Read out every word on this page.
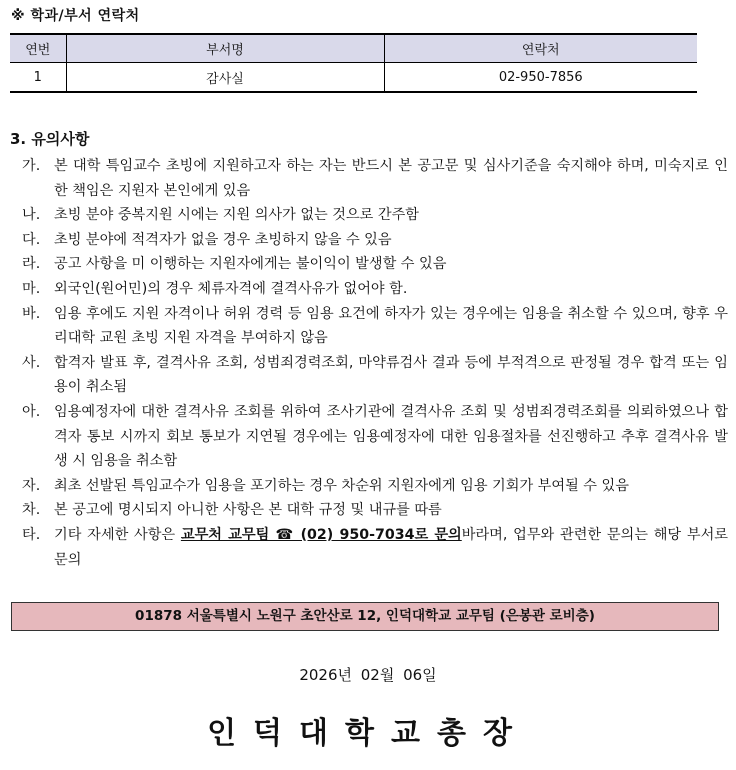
※ 학과/부서 연락처
연번	부서명	연락처
1	감사실	02-950-7856
3. 유의사항
가. 본 대학 특임교수 초빙에 지원하고자 하는 자는 반드시 본 공고문 및 심사기준을 숙지해야 하며, 미숙지로 인한 책임은 지원자 본인에게 있음
나. 초빙 분야 중복지원 시에는 지원 의사가 없는 것으로 간주함
다. 초빙 분야에 적격자가 없을 경우 초빙하지 않을 수 있음
라. 공고 사항을 미 이행하는 지원자에게는 불이익이 발생할 수 있음
마. 외국인(원어민)의 경우 체류자격에 결격사유가 없어야 함.
바. 임용 후에도 지원 자격이나 허위 경력 등 임용 요건에 하자가 있는 경우에는 임용을 취소할 수 있으며, 향후 우리대학 교원 초빙 지원 자격을 부여하지 않음
사. 합격자 발표 후, 결격사유 조회, 성범죄경력조회, 마약류검사 결과 등에 부적격으로 판정될 경우 합격 또는 임용이 취소됨
아. 임용예정자에 대한 결격사유 조회를 위하여 조사기관에 결격사유 조회 및 성범죄경력조회를 의뢰하였으나 합격자 통보 시까지 회보 통보가 지연될 경우에는 임용예정자에 대한 임용절차를 선진행하고 추후 결격사유 발생 시 임용을 취소함
자. 최초 선발된 특임교수가 임용을 포기하는 경우 차순위 지원자에게 임용 기회가 부여될 수 있음
차. 본 공고에 명시되지 아니한 사항은 본 대학 규정 및 내규를 따름
타. 기타 자세한 사항은 교무처 교무팀 ☎ (02) 950-7034로 문의바라며, 업무와 관련한 문의는 해당 부서로 문의
01878 서울특별시 노원구 초안산로 12, 인덕대학교 교무팀 (은봉관 로비층)
2026년 02월 06일
인덕대학교총장
